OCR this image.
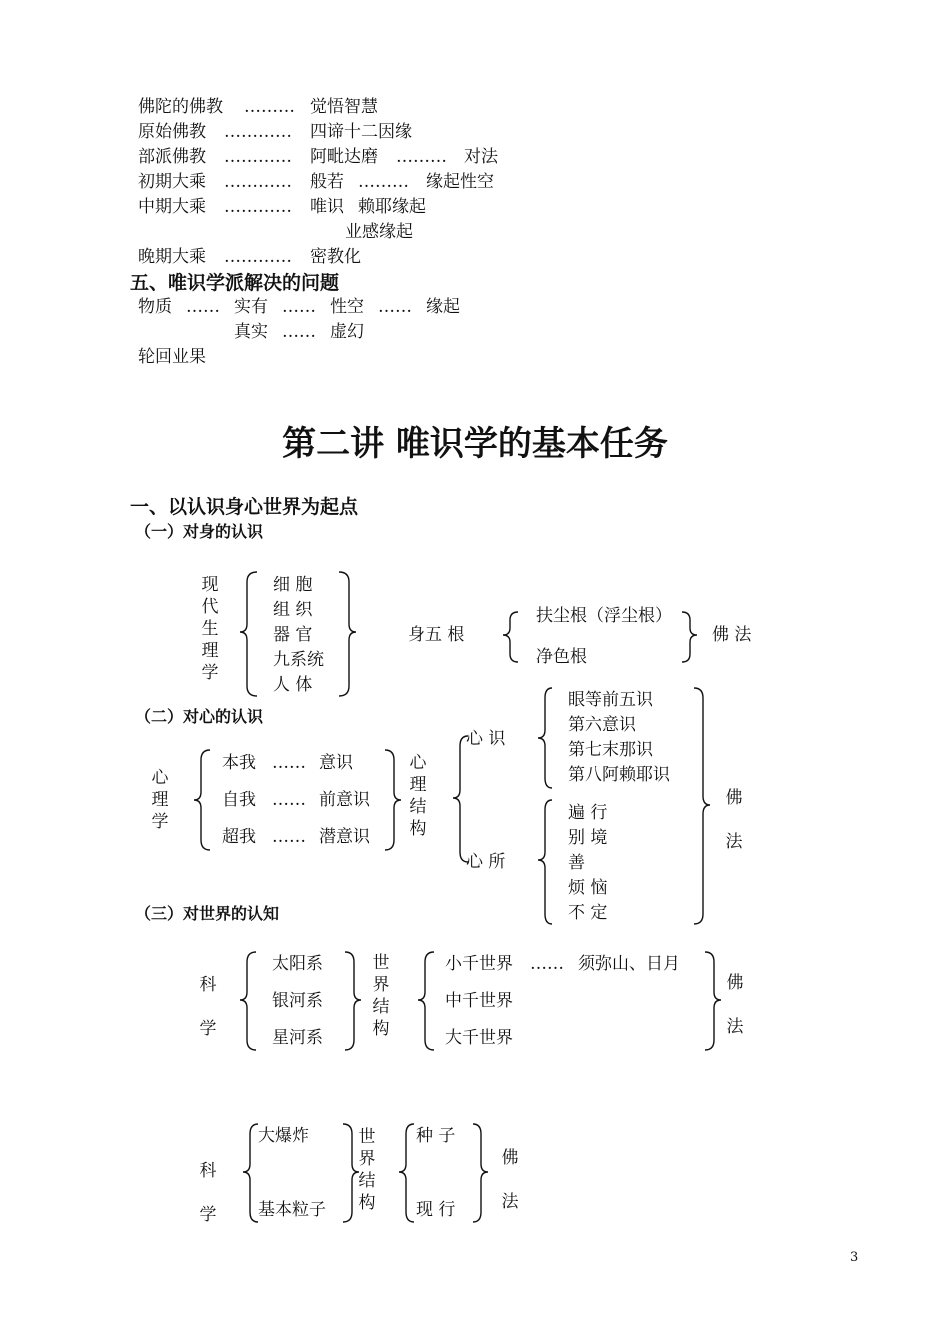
佛陀的佛教 ……… 觉悟智慧
原始佛教 ………… 四谛十二因缘
部派佛教 ………… 阿毗达磨 ……… 对法
初期大乘 ………… 般若 ……… 缘起性空
中期大乘 ………… 唯识 赖耶缘起
业感缘起
晚期大乘 ………… 密教化
五、唯识学派解决的问题
物质 …… 实有 …… 性空 …… 缘起
真实 …… 虚幻
轮回业果
第二讲 唯识学的基本任务
一、以认识身心世界为起点
（一）对身的认识
现代生理学
细 胞
组 织
器 官
九系统
人 体
身五 根
扶尘根（浮尘根）
净色根
佛 法
（二）对心的认识
心理学
本我 …… 意识
自我 …… 前意识
超我 …… 潜意识
心理结构
心 识
心 所
眼等前五识
第六意识
第七末那识
第八阿赖耶识
遍 行
别 境
善
烦 恼
不 定
佛法
（三）对世界的认知
科学
太阳系
银河系
星河系
世界结构
小千世界 …… 须弥山、日月
中千世界
大千世界
佛法
科学
大爆炸
基本粒子
世界结构
种 子
现 行
佛法
3
